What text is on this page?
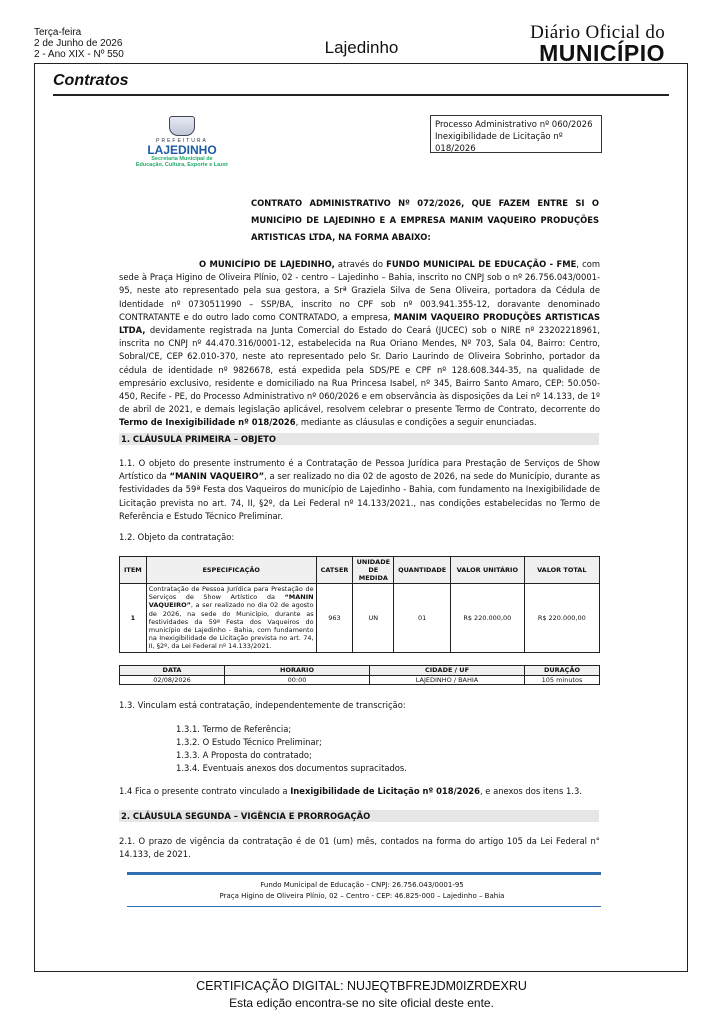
Terça-feira
2 de Junho de 2026
2 - Ano XIX - Nº 550	Lajedinho
Diário Oficial do
MUNICÍPIO
Contratos
PREFEITURA
LAJEDINHO
Secretaria Municipal de
Educação, Cultura, Esporte e Lazer
Processo Administrativo nº 060/2026
Inexigibilidade de Licitação nº 018/2026
CONTRATO ADMINISTRATIVO Nº 072/2026, QUE FAZEM ENTRE SI O MUNICÍPIO DE LAJEDINHO E A EMPRESA MANIM VAQUEIRO PRODUÇÕES ARTISTICAS LTDA, NA FORMA ABAIXO:
O MUNICÍPIO DE LAJEDINHO, através do FUNDO MUNICIPAL DE EDUCAÇÃO - FME, com sede à Praça Higino de Oliveira Plínio, 02 - centro – Lajedinho – Bahia, inscrito no CNPJ sob o nº 26.756.043/0001-95, neste ato representado pela sua gestora, a Srª Graziela Silva de Sena Oliveira, portadora da Cédula de Identidade nº 0730511990 – SSP/BA, inscrito no CPF sob nº 003.941.355-12, doravante denominado CONTRATANTE e do outro lado como CONTRATADO, a empresa, MANIM VAQUEIRO PRODUÇÕES ARTISTICAS LTDA, devidamente registrada na Junta Comercial do Estado do Ceará (JUCEC) sob o NIRE nº 23202218961, inscrita no CNPJ nº 44.470.316/0001-12, estabelecida na Rua Oriano Mendes, Nº 703, Sala 04, Bairro: Centro, Sobral/CE, CEP 62.010-370, neste ato representado pelo Sr. Dario Laurindo de Oliveira Sobrinho, portador da cédula de identidade nº 9826678, está expedida pela SDS/PE e CPF nº 128.608.344-35, na qualidade de empresário exclusivo, residente e domiciliado na Rua Princesa Isabel, nº 345, Bairro Santo Amaro, CEP: 50.050-450, Recife - PE, do Processo Administrativo nº 060/2026 e em observância às disposições da Lei nº 14.133, de 1º de abril de 2021, e demais legislação aplicável, resolvem celebrar o presente Termo de Contrato, decorrente do Termo de Inexigibilidade nº 018/2026, mediante as cláusulas e condições a seguir enunciadas.
1. CLÁUSULA PRIMEIRA – OBJETO
1.1. O objeto do presente instrumento é a Contratação de Pessoa Jurídica para Prestação de Serviços de Show Artístico da “MANIN VAQUEIRO”, a ser realizado no dia 02 de agosto de 2026, na sede do Município, durante as festividades da 59ª Festa dos Vaqueiros do município de Lajedinho - Bahia, com fundamento na Inexigibilidade de Licitação prevista no art. 74, II, §2º, da Lei Federal nº 14.133/2021., nas condições estabelecidas no Termo de Referência e Estudo Técnico Preliminar.
1.2. Objeto da contratação:
ITEM	ESPECIFICAÇÃO	CATSER	UNIDADE DE MEDIDA	QUANTIDADE	VALOR UNITÁRIO	VALOR TOTAL
1	Contratação de Pessoa Jurídica para Prestação de Serviços de Show Artístico da “MANIN VAQUEIRO”, a ser realizado no dia 02 de agosto de 2026, na sede do Município, durante as festividades da 59ª Festa dos Vaqueiros do município de Lajedinho - Bahia, com fundamento na Inexigibilidade de Licitação prevista no art. 74, II, §2º, da Lei Federal nº 14.133/2021.	963	UN	01	R$ 220.000,00	R$ 220.000,00
DATA	HORARIO	CIDADE / UF	DURAÇÃO
02/08/2026	00:00	LAJEDINHO / BAHIA	105 minutos
1.3. Vinculam está contratação, independentemente de transcrição:
1.3.1. Termo de Referência;
1.3.2. O Estudo Técnico Preliminar;
1.3.3. A Proposta do contratado;
1.3.4. Eventuais anexos dos documentos supracitados.
1.4 Fica o presente contrato vinculado a Inexigibilidade de Licitação nº 018/2026, e anexos dos itens 1.3.
2. CLÁUSULA SEGUNDA – VIGÊNCIA E PRORROGAÇÃO
2.1. O prazo de vigência da contratação é de 01 (um) mês, contados na forma do artigo 105 da Lei Federal n° 14.133, de 2021.
Fundo Municipal de Educação - CNPJ: 26.756.043/0001-95
Praça Higino de Oliveira Plínio, 02 – Centro - CEP: 46.825-000 – Lajedinho – Bahia
CERTIFICAÇÃO DIGITAL: NUJEQTBFREJDM0IZRDEXRU
Esta edição encontra-se no site oficial deste ente.
